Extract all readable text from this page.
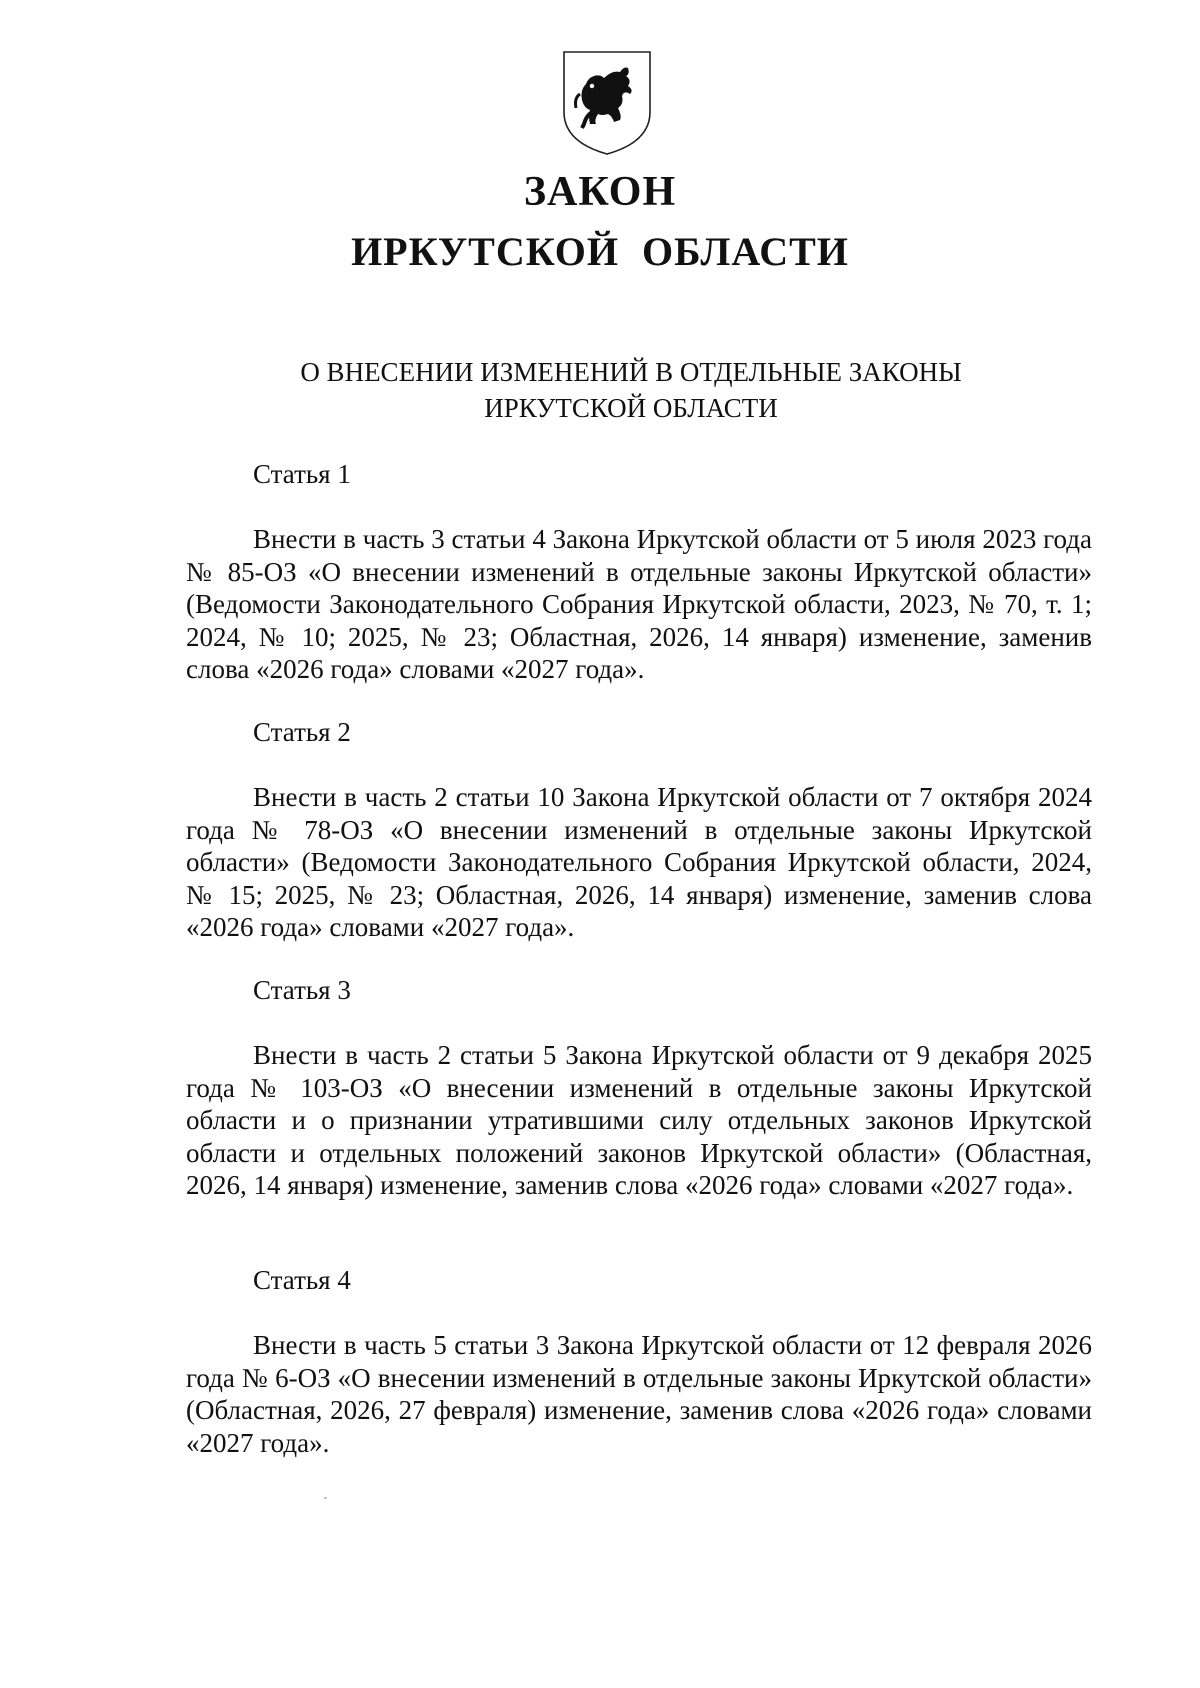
ЗАКОН
ИРКУТСКОЙ ОБЛАСТИ
О ВНЕСЕНИИ ИЗМЕНЕНИЙ В ОТДЕЛЬНЫЕ ЗАКОНЫ
ИРКУТСКОЙ ОБЛАСТИ
Статья 1

Внести в часть 3 статьи 4 Закона Иркутской области от 5 июля 2023 года № 85-ОЗ «О внесении изменений в отдельные законы Иркутской области» (Ведомости Законодательного Собрания Иркутской области, 2023, № 70, т. 1; 2024, № 10; 2025, № 23; Областная, 2026, 14 января) изменение, заменив слова «2026 года» словами «2027 года».

Статья 2

Внести в часть 2 статьи 10 Закона Иркутской области от 7 октября 2024 года № 78-ОЗ «О внесении изменений в отдельные законы Иркутской области» (Ведомости Законодательного Собрания Иркутской области, 2024, № 15; 2025, № 23; Областная, 2026, 14 января) изменение, заменив слова «2026 года» словами «2027 года».

Статья 3

Внести в часть 2 статьи 5 Закона Иркутской области от 9 декабря 2025 года № 103-ОЗ «О внесении изменений в отдельные законы Иркутской области и о признании утратившими силу отдельных законов Иркутской области и отдельных положений законов Иркутской области» (Областная, 2026, 14 января) изменение, заменив слова «2026 года» словами «2027 года».

Статья 4

Внести в часть 5 статьи 3 Закона Иркутской области от 12 февраля 2026 года № 6-ОЗ «О внесении изменений в отдельные законы Иркутской области» (Областная, 2026, 27 февраля) изменение, заменив слова «2026 года» словами «2027 года».
